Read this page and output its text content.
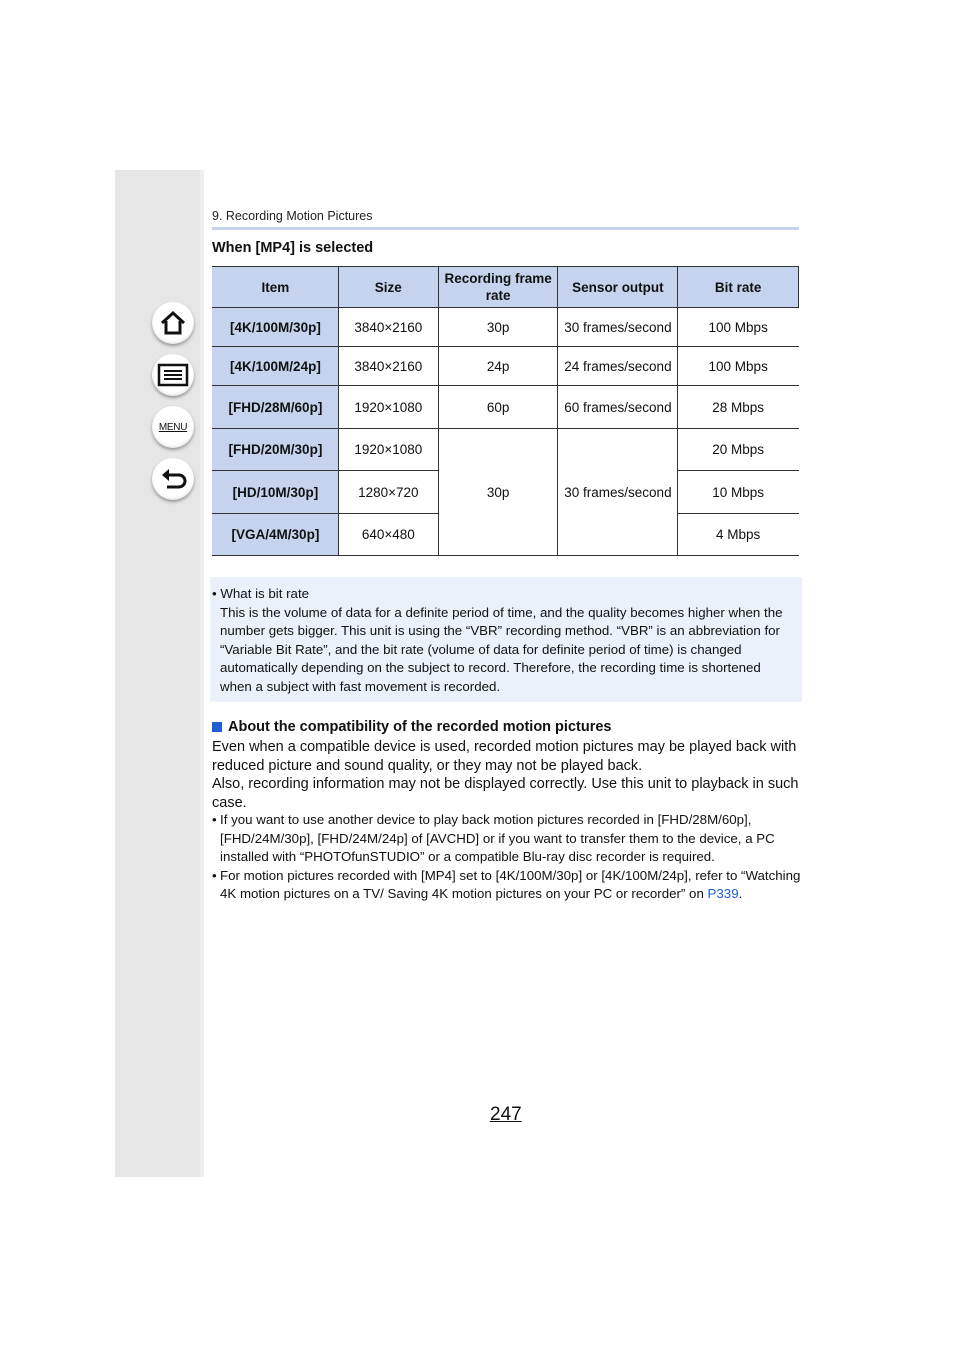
MENU
9. Recording Motion Pictures
When [MP4] is selected
Item	Size	Recording frame rate	Sensor output	Bit rate
[4K/100M/30p]	3840×2160	30p	30 frames/second	100 Mbps
[4K/100M/24p]	3840×2160	24p	24 frames/second	100 Mbps
[FHD/28M/60p]	1920×1080	60p	60 frames/second	28 Mbps
[FHD/20M/30p]	1920×1080	30p	30 frames/second	20 Mbps
[HD/10M/30p]	1280×720			10 Mbps
[VGA/4M/30p]	640×480			4 Mbps
• What is bit rate
This is the volume of data for a definite period of time, and the quality becomes higher when the number gets bigger. This unit is using the “VBR” recording method. “VBR” is an abbreviation for “Variable Bit Rate”, and the bit rate (volume of data for definite period of time) is changed automatically depending on the subject to record. Therefore, the recording time is shortened when a subject with fast movement is recorded.
About the compatibility of the recorded motion pictures
Even when a compatible device is used, recorded motion pictures may be played back with reduced picture and sound quality, or they may not be played back.
Also, recording information may not be displayed correctly. Use this unit to playback in such case.
• If you want to use another device to play back motion pictures recorded in [FHD/28M/60p], [FHD/24M/30p], [FHD/24M/24p] of [AVCHD] or if you want to transfer them to the device, a PC installed with “PHOTOfunSTUDIO” or a compatible Blu-ray disc recorder is required.
• For motion pictures recorded with [MP4] set to [4K/100M/30p] or [4K/100M/24p], refer to “Watching 4K motion pictures on a TV/ Saving 4K motion pictures on your PC or recorder” on P339.
247
